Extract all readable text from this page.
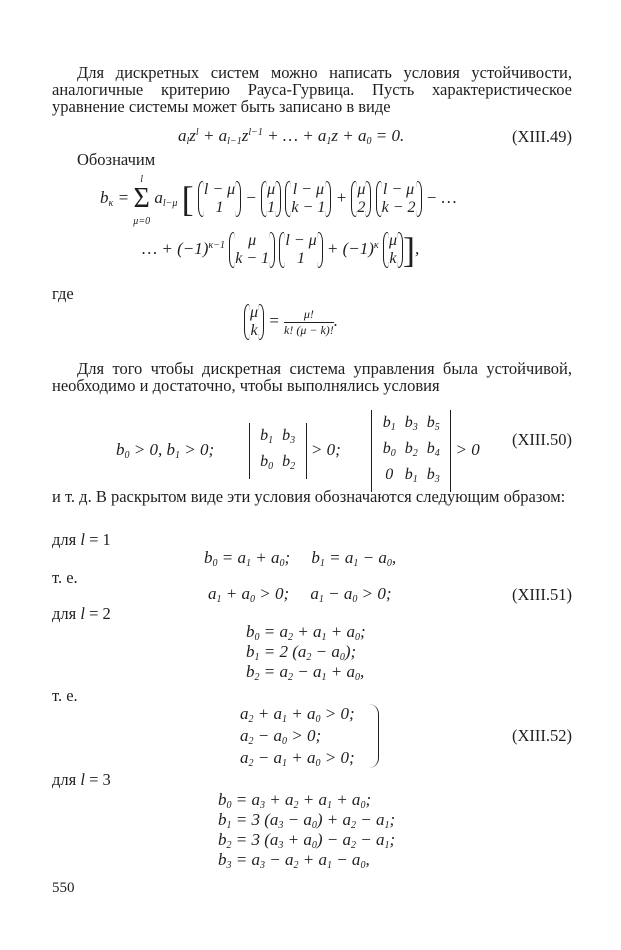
Для дискретных систем можно написать условия устойчивости, аналогичные критерию Рауса-Гурвица. Пусть характеристическое уравнение системы может быть записано в виде

$a_lz^l + a_{l-1}z^{l-1}$ + … + $a_1z + a_0 = 0$.	(XIII.49)
Обозначим
$b_\kappa = l$
Σ
μ=0 $a_{l-\mu}$ [ l − μ
1
− μ
1

l − μ
k − 1
+ μ
2

l − μ
k − 2
− …
… + $(-1)^{\kappa-1}$	μ
k − 1

l − μ
1
+ $(-1)^\kappa$ μ
k ],
где
μ
k
= $\frac{\mu!}{k! (\mu - k)!}$ .

Для того чтобы дискретная система управления была устойчивой, необходимо и достаточно, чтобы выполнялись условия

$b_0 > 0$, $b_1 > 0$;
$b_1$ $b_3$
$b_0$ $b_2$
> 0;
$b_1$ $b_3$ $b_5$
$b_0$ $b_2$ $b_4$
0 $b_1$ $b_3$
> 0
(XIII.50)

и т. д. В раскрытом виде эти условия обозначаются следующим образом:

для l = 1
$b_0 = a_1 + a_0$;     $b_1 = a_1 - a_0$,
т. е.
$a_1 + a_0 > 0$;     $a_1 - a_0 > 0$;	(XIII.51)
для l = 2
$b_0 = a_2 + a_1 + a_0$;
$b_1 = 2$ $(a_2 - a_0)$;
$b_2 = a_2 - a_1 + a_0$,
т. е.
$a_2 + a_1 + a_0 > 0$;
$a_2 - a_0 > 0$;
$a_2 - a_1 + a_0 > 0$;
(XIII.52)
для l = 3
$b_0 = a_3 + a_2 + a_1 + a_0$;
$b_1 = 3$ $(a_3 - a_0) + a_2 - a_1$;
$b_2 = 3$ $(a_3 + a_0) - a_2 - a_1$;
$b_3 = a_3 - a_2 + a_1 - a_0$,
550
